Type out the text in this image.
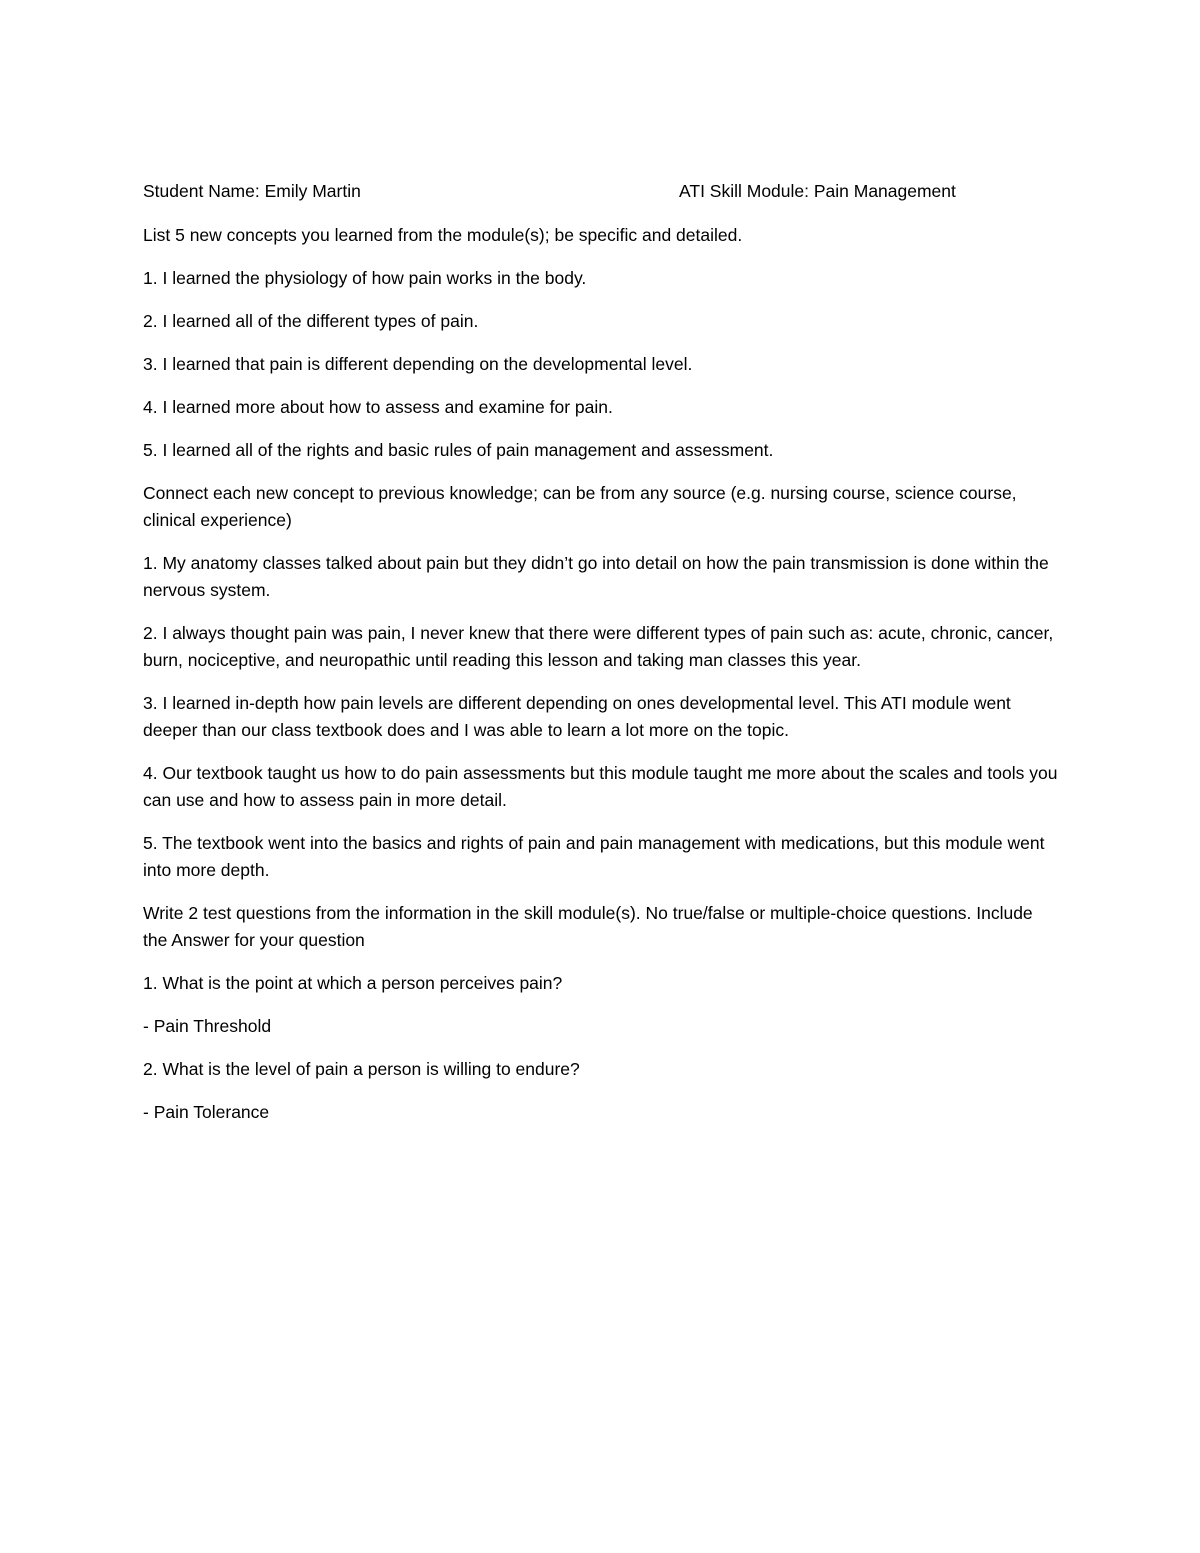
Student Name: Emily Martin	ATI Skill Module: Pain Management

List 5 new concepts you learned from the module(s); be specific and detailed.

1. I learned the physiology of how pain works in the body.

2. I learned all of the different types of pain.

3. I learned that pain is different depending on the developmental level.

4. I learned more about how to assess and examine for pain.

5. I learned all of the rights and basic rules of pain management and assessment.

Connect each new concept to previous knowledge; can be from any source (e.g. nursing course, science course, clinical experience)

1. My anatomy classes talked about pain but they didn’t go into detail on how the pain transmission is done within the nervous system.

2. I always thought pain was pain, I never knew that there were different types of pain such as: acute, chronic, cancer, burn, nociceptive, and neuropathic until reading this lesson and taking man classes this year.

3. I learned in-depth how pain levels are different depending on ones developmental level. This ATI module went deeper than our class textbook does and I was able to learn a lot more on the topic.

4. Our textbook taught us how to do pain assessments but this module taught me more about the scales and tools you can use and how to assess pain in more detail.

5. The textbook went into the basics and rights of pain and pain management with medications, but this module went into more depth.

Write 2 test questions from the information in the skill module(s). No true/false or multiple-choice questions. Include the Answer for your question

1. What is the point at which a person perceives pain?

- Pain Threshold

2. What is the level of pain a person is willing to endure?

- Pain Tolerance
